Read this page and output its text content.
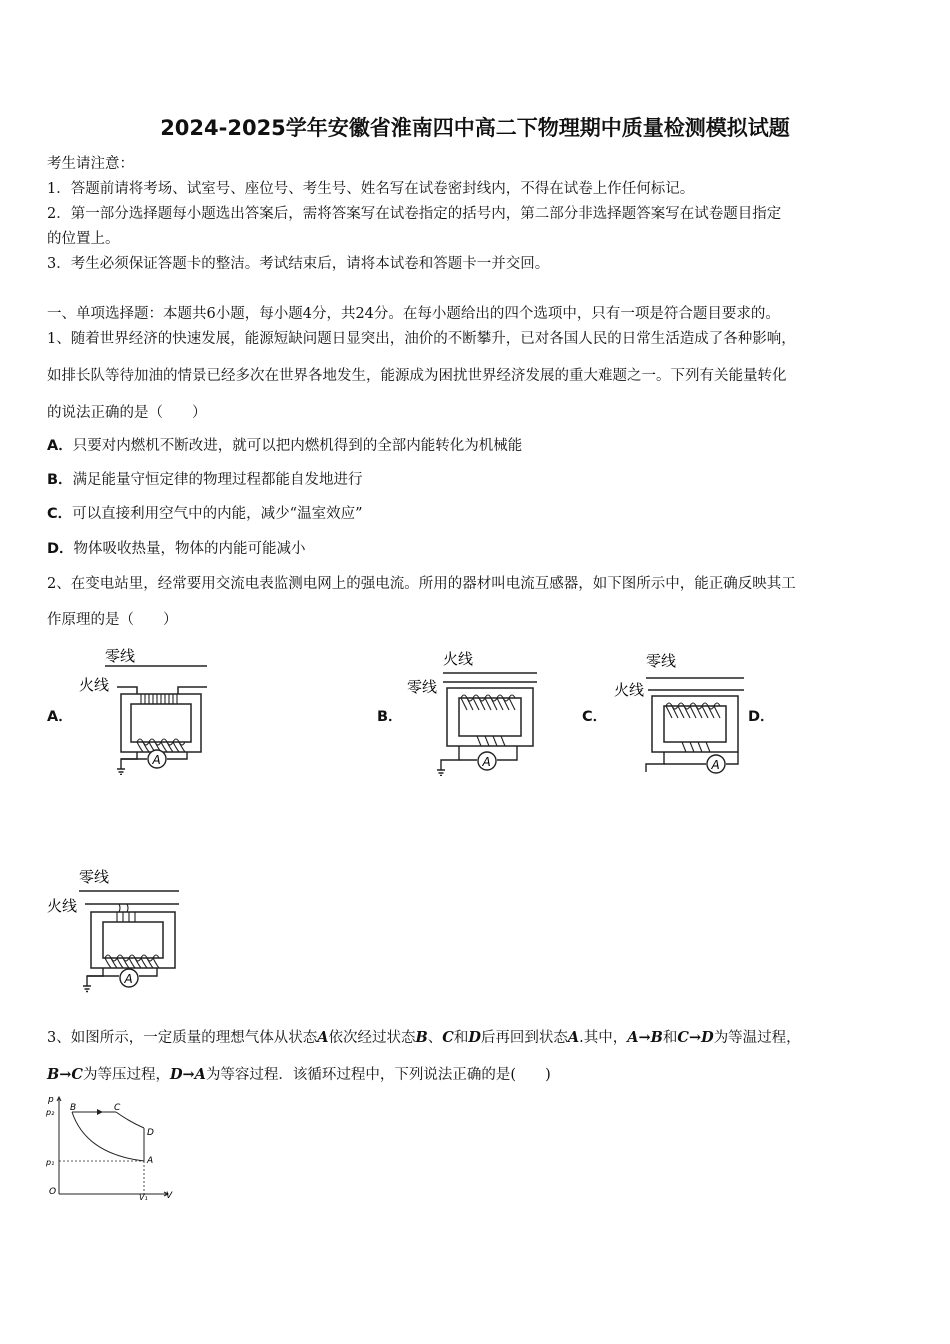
2024-2025学年安徽省淮南四中高二下物理期中质量检测模拟试题
考生请注意：
1．答题前请将考场、试室号、座位号、考生号、姓名写在试卷密封线内，不得在试卷上作任何标记。
2．第一部分选择题每小题选出答案后，需将答案写在试卷指定的括号内，第二部分非选择题答案写在试卷题目指定
的位置上。
3．考生必须保证答题卡的整洁。考试结束后，请将本试卷和答题卡一并交回。
一、单项选择题：本题共6小题，每小题4分，共24分。在每小题给出的四个选项中，只有一项是符合题目要求的。
1、随着世界经济的快速发展，能源短缺问题日显突出，油价的不断攀升，已对各国人民的日常生活造成了各种影响，
如排长队等待加油的情景已经多次在世界各地发生，能源成为困扰世界经济发展的重大难题之一。下列有关能量转化
的说法正确的是（　　）
A．只要对内燃机不断改进，就可以把内燃机得到的全部内能转化为机械能
B．满足能量守恒定律的物理过程都能自发地进行
C．可以直接利用空气中的内能，减少“温室效应”
D．物体吸收热量，物体的内能可能减小
2、在变电站里，经常要用交流电表监测电网上的强电流。所用的器材叫电流互感器，如下图所示中，能正确反映其工
作原理的是（　　）
A．	B．	C．	D．
零线
火线
A
火线
零线
A
零线
火线
A
零线
火线
A
3、如图所示，一定质量的理想气体从状态A依次经过状态B、C和D后再回到状态A.其中，A→B和C→D为等温过程，
B→C为等压过程，D→A为等容过程．该循环过程中，下列说法正确的是(　　)
p
V
O
p₂
p₁
V₁
B	C
D
A
